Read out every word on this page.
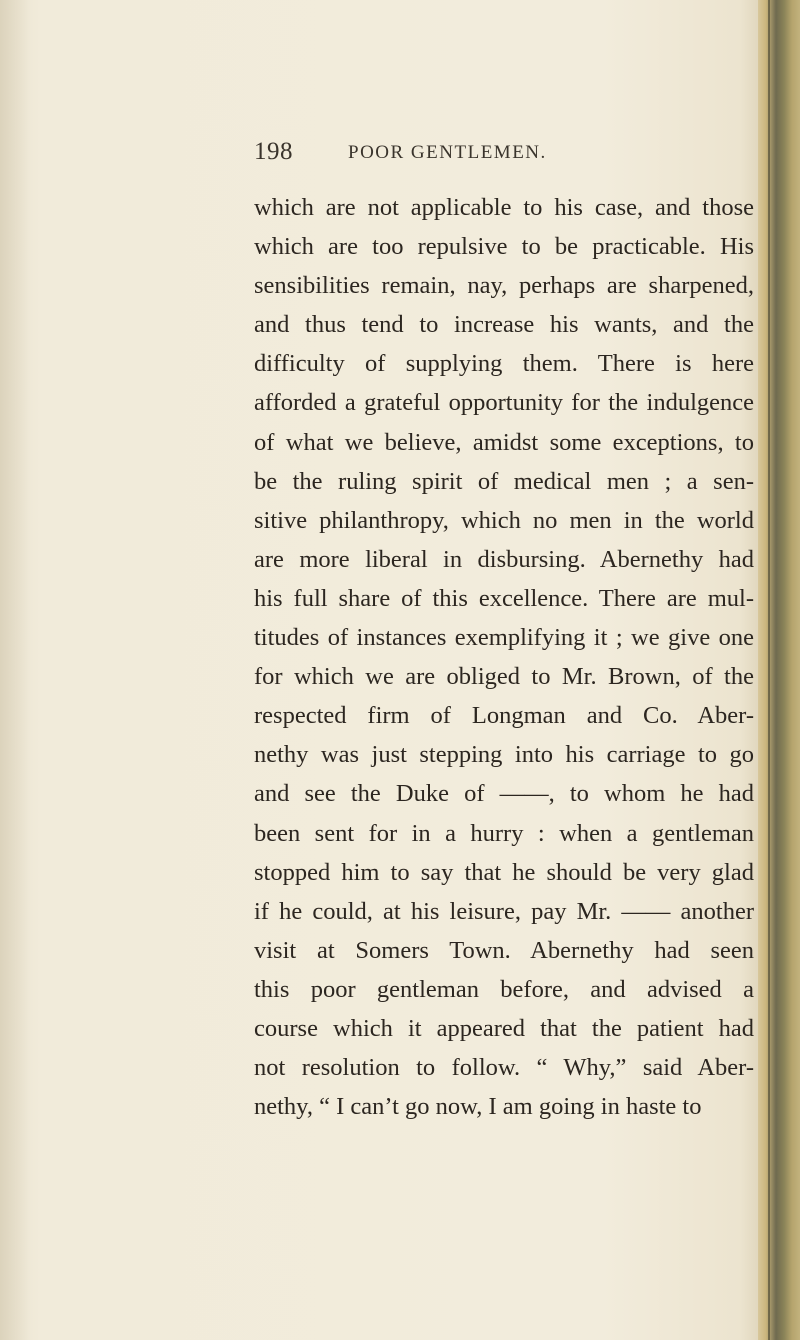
198	POOR GENTLEMEN.
which are not applicable to his case, and those
which are too repulsive to be practicable. His
sensibilities remain, nay, perhaps are sharpened,
and thus tend to increase his wants, and the
difficulty of supplying them. There is here
afforded a grateful opportunity for the indulgence
of what we believe, amidst some exceptions, to
be the ruling spirit of medical men ; a sen-
sitive philanthropy, which no men in the world
are more liberal in disbursing. Abernethy had
his full share of this excellence. There are mul-
titudes of instances exemplifying it ; we give one
for which we are obliged to Mr. Brown, of the
respected firm of Longman and Co. Aber-
nethy was just stepping into his carriage to go
and see the Duke of ——, to whom he had
been sent for in a hurry : when a gentleman
stopped him to say that he should be very glad
if he could, at his leisure, pay Mr. —— another
visit at Somers Town. Abernethy had seen
this poor gentleman before, and advised a
course which it appeared that the patient had
not resolution to follow. “ Why,” said Aber-
nethy, “ I can’t go now, I am going in haste to
